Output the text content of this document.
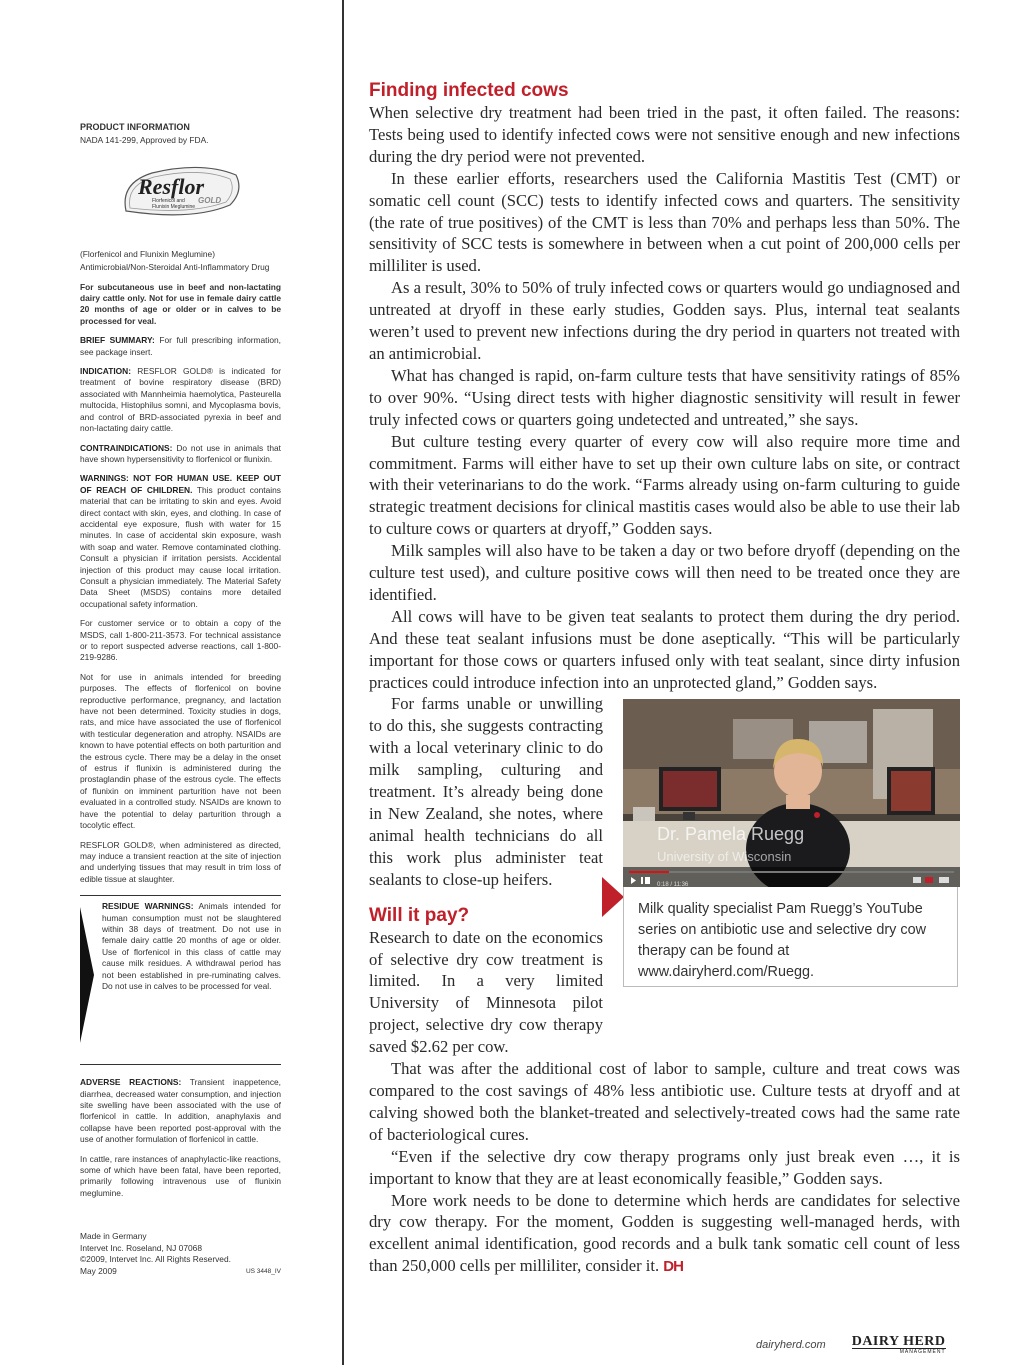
PRODUCT INFORMATION

NADA 141-299, Approved by FDA.

Resflor
GOLD
Florfenicol and
Flunixin Meglumine

(Florfenicol and Flunixin Meglumine)

Antimicrobial/Non-Steroidal Anti-Inflammatory Drug

For subcutaneous use in beef and non-lactating dairy cattle only. Not for use in female dairy cattle 20 months of age or older or in calves to be processed for veal.

BRIEF SUMMARY: For full prescribing information, see package insert.

INDICATION: RESFLOR GOLD® is indicated for treatment of bovine respiratory disease (BRD) associated with Mannheimia haemolytica, Pasteurella multocida, Histophilus somni, and Mycoplasma bovis, and control of BRD-associated pyrexia in beef and non-lactating dairy cattle.

CONTRAINDICATIONS: Do not use in animals that have shown hypersensitivity to florfenicol or flunixin.

WARNINGS: NOT FOR HUMAN USE. KEEP OUT OF REACH OF CHILDREN. This product contains material that can be irritating to skin and eyes. Avoid direct contact with skin, eyes, and clothing. In case of accidental eye exposure, flush with water for 15 minutes. In case of accidental skin exposure, wash with soap and water. Remove contaminated clothing. Consult a physician if irritation persists. Accidental injection of this product may cause local irritation. Consult a physician immediately. The Material Safety Data Sheet (MSDS) contains more detailed occupational safety information.

For customer service or to obtain a copy of the MSDS, call 1-800-211-3573. For technical assistance or to report suspected adverse reactions, call 1-800-219-9286.

Not for use in animals intended for breeding purposes. The effects of florfenicol on bovine reproductive performance, pregnancy, and lactation have not been determined. Toxicity studies in dogs, rats, and mice have associated the use of florfenicol with testicular degeneration and atrophy. NSAIDs are known to have potential effects on both parturition and the estrous cycle. There may be a delay in the onset of estrus if flunixin is administered during the prostaglandin phase of the estrous cycle. The effects of flunixin on imminent parturition have not been evaluated in a controlled study. NSAIDs are known to have the potential to delay parturition through a tocolytic effect.

RESFLOR GOLD®, when administered as directed, may induce a transient reaction at the site of injection and underlying tissues that may result in trim loss of edible tissue at slaughter.

RESIDUE WARNINGS: Animals intended for human consumption must not be slaughtered within 38 days of treatment. Do not use in female dairy cattle 20 months of age or older. Use of florfenicol in this class of cattle may cause milk residues. A withdrawal period has not been established in pre-ruminating calves. Do not use in calves to be processed for veal.

ADVERSE REACTIONS: Transient inappetence, diarrhea, decreased water consumption, and injection site swelling have been associated with the use of florfenicol in cattle. In addition, anaphylaxis and collapse have been reported post-approval with the use of another formulation of florfenicol in cattle.

In cattle, rare instances of anaphylactic-like reactions, some of which have been fatal, have been reported, primarily following intravenous use of flunixin meglumine.

Made in Germany
Intervet Inc. Roseland, NJ 07068
©2009, Intervet Inc. All Rights Reserved.
May 2009	US 3448_IV
Finding infected cows

When selective dry treatment had been tried in the past, it often failed. The reasons: Tests being used to identify infected cows were not sensitive enough and new infections during the dry period were not prevented.

In these earlier efforts, researchers used the California Mastitis Test (CMT) or somatic cell count (SCC) tests to identify infected cows and quarters. The sensitivity (the rate of true positives) of the CMT is less than 70% and perhaps less than 50%. The sensitivity of SCC tests is somewhere in between when a cut point of 200,000 cells per milliliter is used.

As a result, 30% to 50% of truly infected cows or quarters would go undiagnosed and untreated at dryoff in these early studies, Godden says. Plus, internal teat sealants weren’t used to prevent new infections during the dry period in quarters not treated with an antimicrobial.

What has changed is rapid, on-farm culture tests that have sensitivity ratings of 85% to over 90%. “Using direct tests with higher diagnostic sensitivity will result in fewer truly infected cows or quarters going undetected and untreated,” she says.

But culture testing every quarter of every cow will also require more time and commitment. Farms will either have to set up their own culture labs on site, or contract with their veterinarians to do the work. “Farms already using on-farm culturing to guide strategic treatment decisions for clinical mastitis cases would also be able to use their lab to culture cows or quarters at dryoff,” Godden says.

Milk samples will also have to be taken a day or two before dryoff (depending on the culture test used), and culture positive cows will then need to be treated once they are identified.

All cows will have to be given teat sealants to protect them during the dry period. And these teat sealant infusions must be done aseptically. “This will be particularly important for those cows or quarters infused only with teat sealant, since dirty infusion practices could introduce infection into an unprotected gland,” Godden says.

Dr. Pamela Ruegg
University of Wisconsin
0:18 / 11:36
Milk quality specialist Pam Ruegg’s YouTube series on antibiotic use and selective dry cow therapy can be found at www.dairyherd.com/Ruegg.

For farms unable or unwilling to do this, she suggests contracting with a local veterinary clinic to do milk sampling, culturing and treatment. It’s already being done in New Zealand, she notes, where animal health technicians do all this work plus administer teat sealants to close-up heifers.

Will it pay?

Research to date on the economics of selective dry cow treatment is limited. In a very limited University of Minnesota pilot project, selective dry cow therapy saved $2.62 per cow.

That was after the additional cost of labor to sample, culture and treat cows was compared to the cost savings of 48% less antibiotic use. Culture tests at dryoff and at calving showed both the blanket-treated and selectively-treated cows had the same rate of bacteriological cures.

“Even if the selective dry cow therapy programs only just break even …, it is important to know that they are at least economically feasible,” Godden says.

More work needs to be done to determine which herds are candidates for selective dry cow therapy. For the moment, Godden is suggesting well-managed herds, with excellent animal identification, good records and a bulk tank somatic cell count of less than 250,000 cells per milliliter, consider it. DH

dairyherd.com DAIRY HERD
MANAGEMENT
